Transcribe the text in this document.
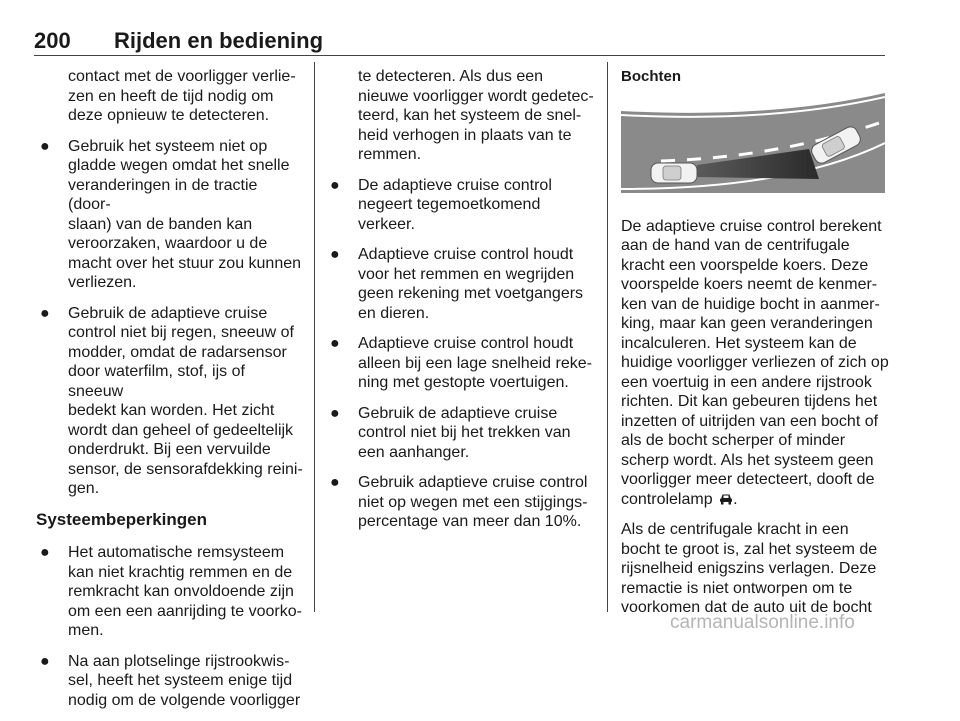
200 Rijden en bediening

contact met de voorligger verlie-

zen en heeft de tijd nodig om

deze opnieuw te detecteren.

● Gebruik het systeem niet op

gladde wegen omdat het snelle

veranderingen in de tractie (door-

slaan) van de banden kan

veroorzaken, waardoor u de

macht over het stuur zou kunnen

verliezen.

● Gebruik de adaptieve cruise

control niet bij regen, sneeuw of

modder, omdat de radarsensor

door waterfilm, stof, ijs of sneeuw

bedekt kan worden. Het zicht

wordt dan geheel of gedeeltelijk

onderdrukt. Bij een vervuilde

sensor, de sensorafdekking reini-

gen.

Systeembeperkingen
● Het automatische remsysteem

kan niet krachtig remmen en de

remkracht kan onvoldoende zijn

om een een aanrijding te voorko-

men.

● Na aan plotselinge rijstrookwis-

sel, heeft het systeem enige tijd

nodig om de volgende voorligger

te detecteren. Als dus een

nieuwe voorligger wordt gedetec-

teerd, kan het systeem de snel-

heid verhogen in plaats van te

remmen.

● De adaptieve cruise control

negeert tegemoetkomend

verkeer.

● Adaptieve cruise control houdt

voor het remmen en wegrijden

geen rekening met voetgangers

en dieren.

● Adaptieve cruise control houdt

alleen bij een lage snelheid reke-

ning met gestopte voertuigen.

● Gebruik de adaptieve cruise

control niet bij het trekken van

een aanhanger.

● Gebruik adaptieve cruise control

niet op wegen met een stijgings-

percentage van meer dan 10%.

Bochten

De adaptieve cruise control berekent

aan de hand van de centrifugale

kracht een voorspelde koers. Deze

voorspelde koers neemt de kenmer-

ken van de huidige bocht in aanmer-

king, maar kan geen veranderingen

incalculeren. Het systeem kan de

huidige voorligger verliezen of zich op

een voertuig in een andere rijstrook

richten. Dit kan gebeuren tijdens het

inzetten of uitrijden van een bocht of

als de bocht scherper of minder

scherp wordt. Als het systeem geen

voorligger meer detecteert, dooft de

controlelamp .

Als de centrifugale kracht in een

bocht te groot is, zal het systeem de

rijsnelheid enigszins verlagen. Deze

remactie is niet ontworpen om te

voorkomen dat de auto uit de bocht

carmanualsonline.info
